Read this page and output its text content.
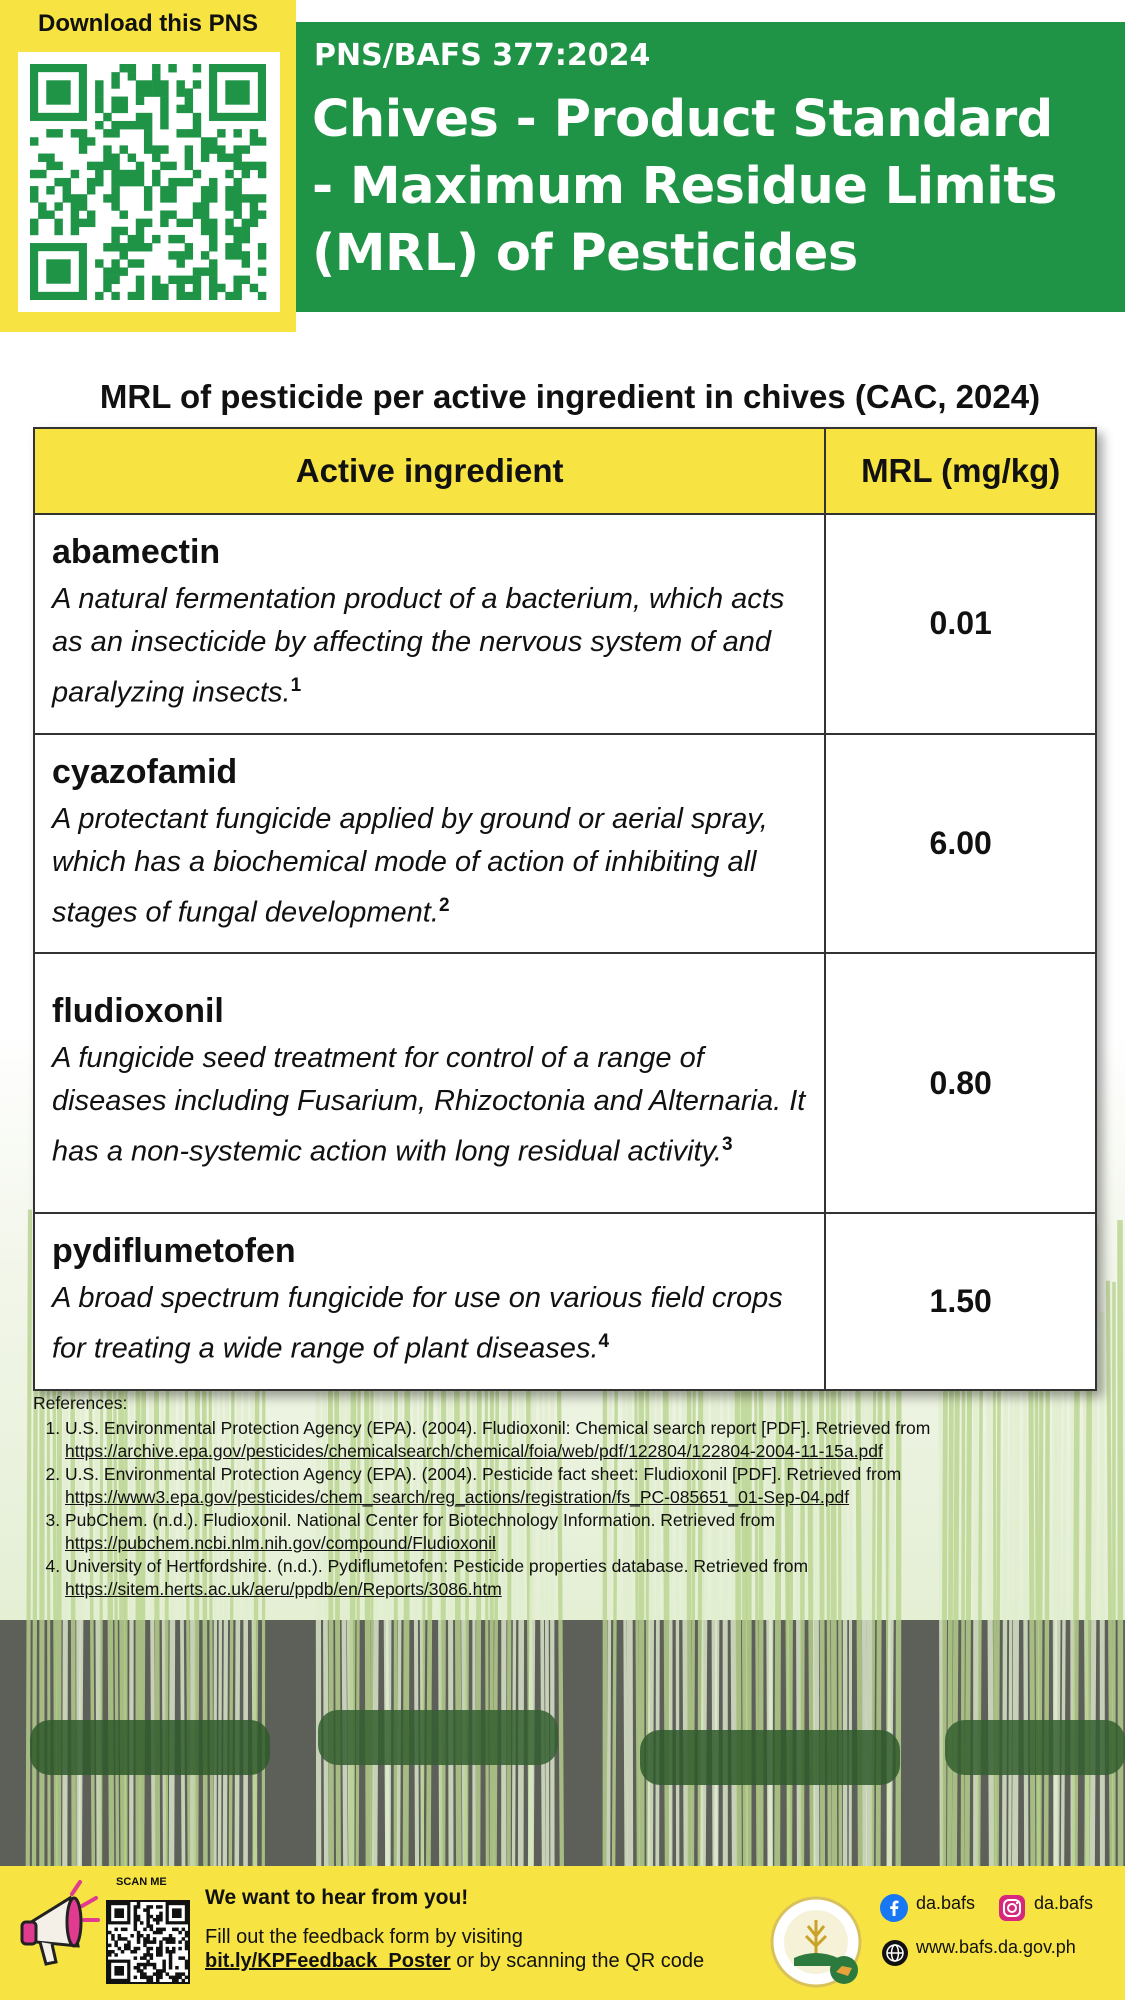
Download this PNS
PNS/BAFS 377:2024
Chives - Product Standard
- Maximum Residue Limits
(MRL) of Pesticides
MRL of pesticide per active ingredient in chives (CAC, 2024)
Active ingredient	MRL (mg/kg)

abamectin
A natural fermentation product of a bacterium, which acts as an insecticide by affecting the nervous system of and paralyzing insects.$^1$	0.01

cyazofamid
A protectant fungicide applied by ground or aerial spray, which has a biochemical mode of action of inhibiting all stages of fungal development.$^2$	6.00

fludioxonil
A fungicide seed treatment for control of a range of diseases including Fusarium, Rhizoctonia and Alternaria. It has a non-systemic action with long residual activity.$^3$	0.80

pydiflumetofen
A broad spectrum fungicide for use on various field crops for treating a wide range of plant diseases.$^4$	1.50
References:
1. U.S. Environmental Protection Agency (EPA). (2004). Fludioxonil: Chemical search report [PDF]. Retrieved from https://archive.epa.gov/pesticides/chemicalsearch/chemical/foia/web/pdf/122804/122804-2004-11-15a.pdf
2. U.S. Environmental Protection Agency (EPA). (2004). Pesticide fact sheet: Fludioxonil [PDF]. Retrieved from https://www3.epa.gov/pesticides/chem_search/reg_actions/registration/fs_PC-085651_01-Sep-04.pdf
3. PubChem. (n.d.). Fludioxonil. National Center for Biotechnology Information. Retrieved from https://pubchem.ncbi.nlm.nih.gov/compound/Fludioxonil
4. University of Hertfordshire. (n.d.). Pydiflumetofen: Pesticide properties database. Retrieved from https://sitem.herts.ac.uk/aeru/ppdb/en/Reports/3086.htm
SCAN ME
We want to hear from you!
Fill out the feedback form by visiting
bit.ly/KPFeedback_Poster or by scanning the QR code
da.bafs	da.bafs
www.bafs.da.gov.ph
